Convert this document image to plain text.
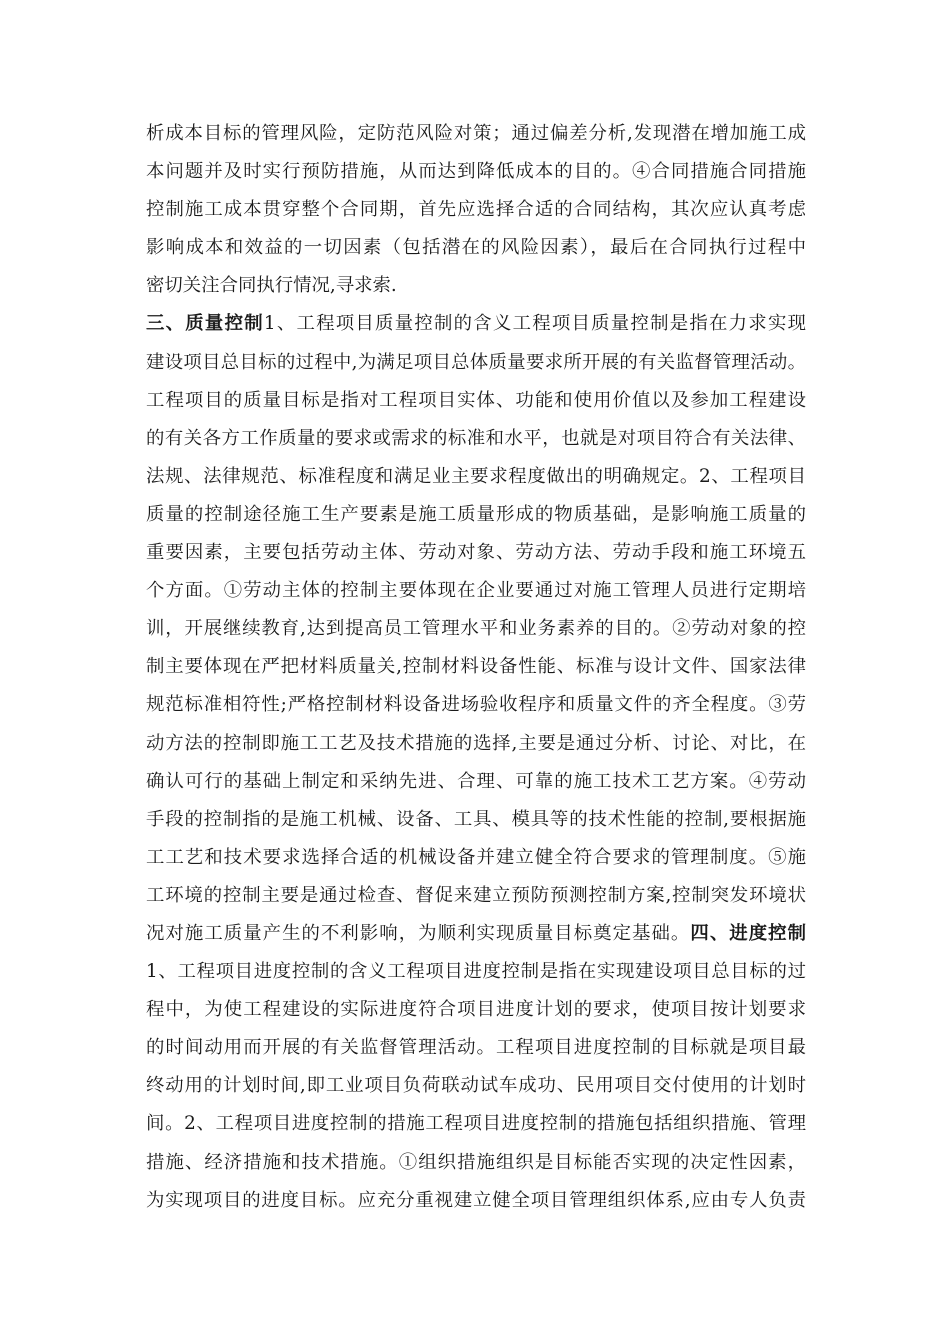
析成本目标的管理风险，定防范风险对策；通过偏差分析,发现潜在增加施工成
本问题并及时实行预防措施，从而达到降低成本的目的。④合同措施合同措施
控制施工成本贯穿整个合同期，首先应选择合适的合同结构，其次应认真考虑
影响成本和效益的一切因素（包括潜在的风险因素），最后在合同执行过程中
密切关注合同执行情况,寻求索.
三、质量控制1、工程项目质量控制的含义工程项目质量控制是指在力求实现
建设项目总目标的过程中,为满足项目总体质量要求所开展的有关监督管理活动。
工程项目的质量目标是指对工程项目实体、功能和使用价值以及参加工程建设
的有关各方工作质量的要求或需求的标准和水平，也就是对项目符合有关法律、
法规、法律规范、标准程度和满足业主要求程度做出的明确规定。2、工程项目
质量的控制途径施工生产要素是施工质量形成的物质基础，是影响施工质量的
重要因素，主要包括劳动主体、劳动对象、劳动方法、劳动手段和施工环境五
个方面。①劳动主体的控制主要体现在企业要通过对施工管理人员进行定期培
训，开展继续教育,达到提高员工管理水平和业务素养的目的。②劳动对象的控
制主要体现在严把材料质量关,控制材料设备性能、标准与设计文件、国家法律
规范标准相符性;严格控制材料设备进场验收程序和质量文件的齐全程度。③劳
动方法的控制即施工工艺及技术措施的选择,主要是通过分析、讨论、对比，在
确认可行的基础上制定和采纳先进、合理、可靠的施工技术工艺方案。④劳动
手段的控制指的是施工机械、设备、工具、模具等的技术性能的控制,要根据施
工工艺和技术要求选择合适的机械设备并建立健全符合要求的管理制度。⑤施
工环境的控制主要是通过检查、督促来建立预防预测控制方案,控制突发环境状
况对施工质量产生的不利影响，为顺利实现质量目标奠定基础。四、进度控制
1、工程项目进度控制的含义工程项目进度控制是指在实现建设项目总目标的过
程中，为使工程建设的实际进度符合项目进度计划的要求，使项目按计划要求
的时间动用而开展的有关监督管理活动。工程项目进度控制的目标就是项目最
终动用的计划时间,即工业项目负荷联动试车成功、民用项目交付使用的计划时
间。2、工程项目进度控制的措施工程项目进度控制的措施包括组织措施、管理
措施、经济措施和技术措施。①组织措施组织是目标能否实现的决定性因素，
为实现项目的进度目标。应充分重视建立健全项目管理组织体系,应由专人负责
